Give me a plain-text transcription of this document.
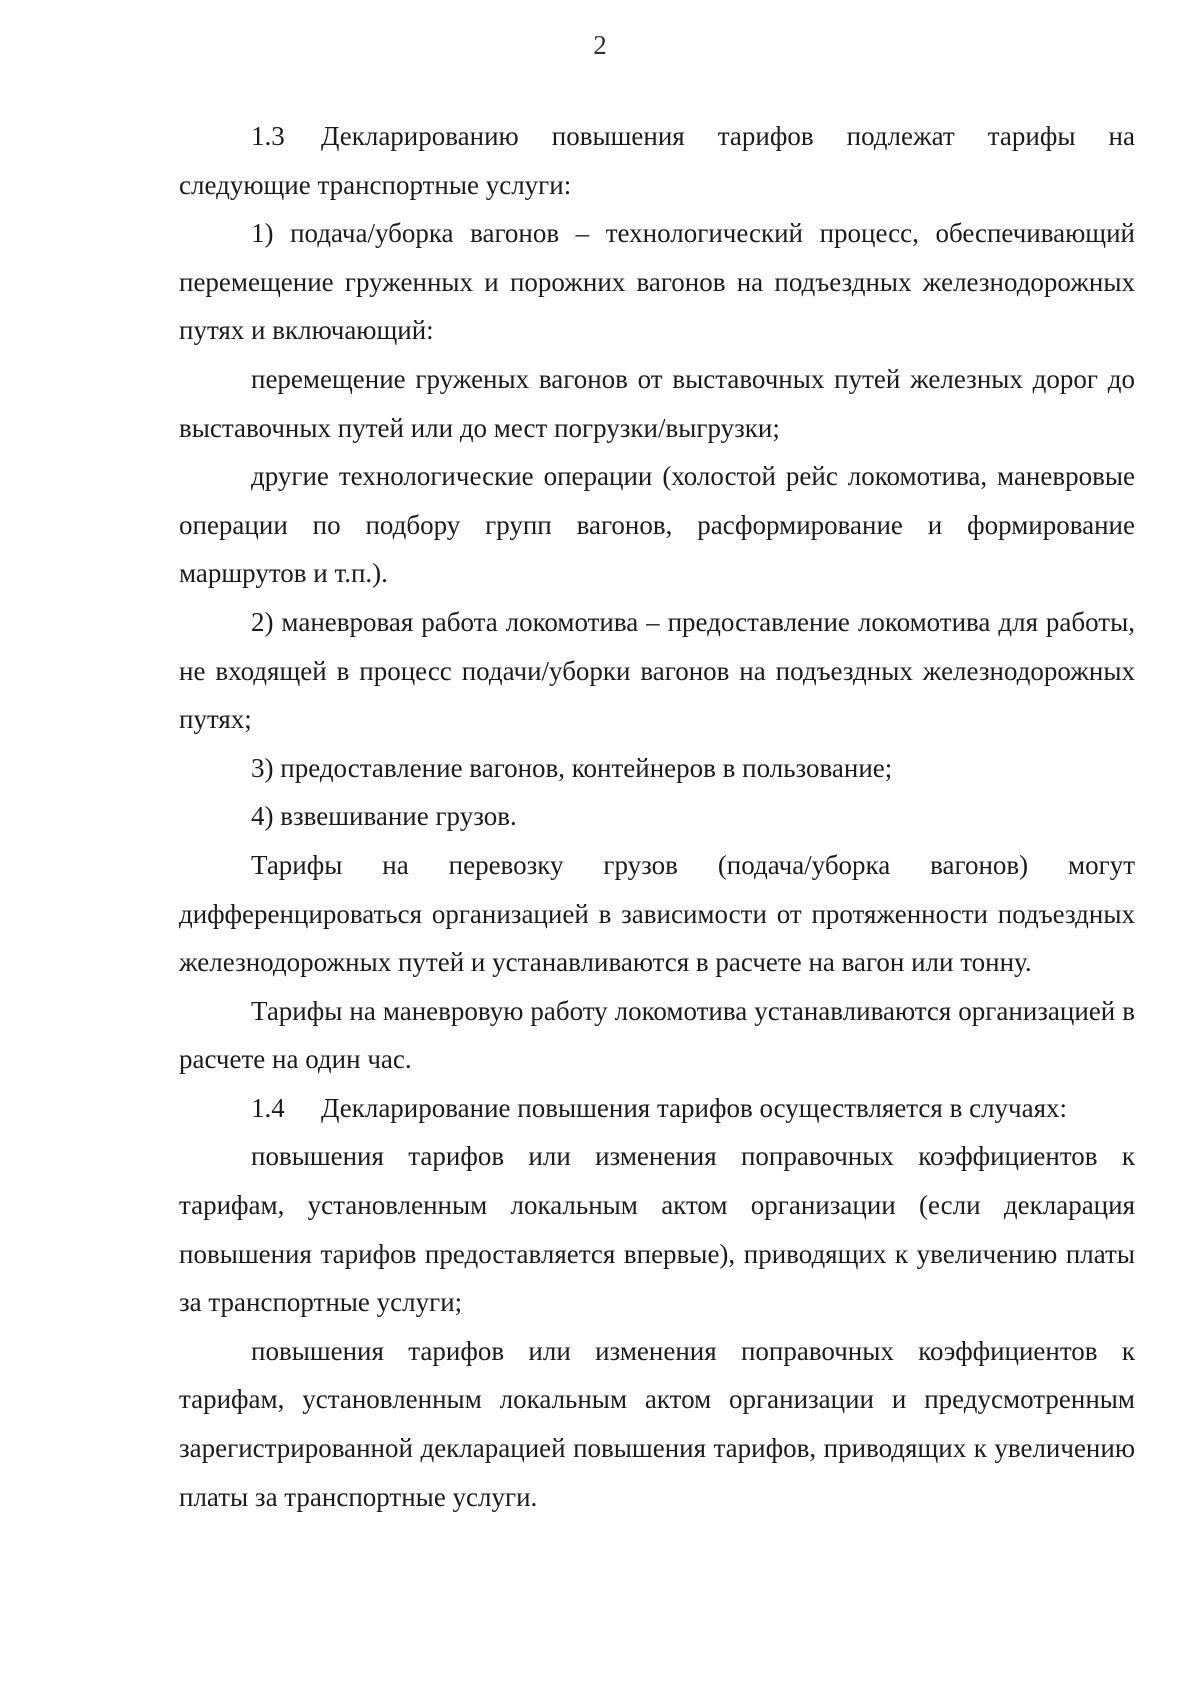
2

1.3 Декларированию повышения тарифов подлежат тарифы на следующие транспортные услуги:

1) подача/уборка вагонов – технологический процесс, обеспечивающий перемещение груженных и порожних вагонов на подъездных железнодорожных путях и включающий:

перемещение груженых вагонов от выставочных путей железных дорог до выставочных путей или до мест погрузки/выгрузки;

другие технологические операции (холостой рейс локомотива, маневровые операции по подбору групп вагонов, расформирование и формирование маршрутов и т.п.).

2) маневровая работа локомотива – предоставление локомотива для работы, не входящей в процесс подачи/уборки вагонов на подъездных железнодорожных путях;

3) предоставление вагонов, контейнеров в пользование;

4) взвешивание грузов.

Тарифы на перевозку грузов (подача/уборка вагонов) могут дифференцироваться организацией в зависимости от протяженности подъездных железнодорожных путей и устанавливаются в расчете на вагон или тонну.

Тарифы на маневровую работу локомотива устанавливаются организацией в расчете на один час.

1.4 Декларирование повышения тарифов осуществляется в случаях:

повышения тарифов или изменения поправочных коэффициентов к тарифам, установленным локальным актом организации (если декларация повышения тарифов предоставляется впервые), приводящих к увеличению платы за транспортные услуги;

повышения тарифов или изменения поправочных коэффициентов к тарифам, установленным локальным актом организации и предусмотренным зарегистрированной декларацией повышения тарифов, приводящих к увеличению платы за транспортные услуги.
